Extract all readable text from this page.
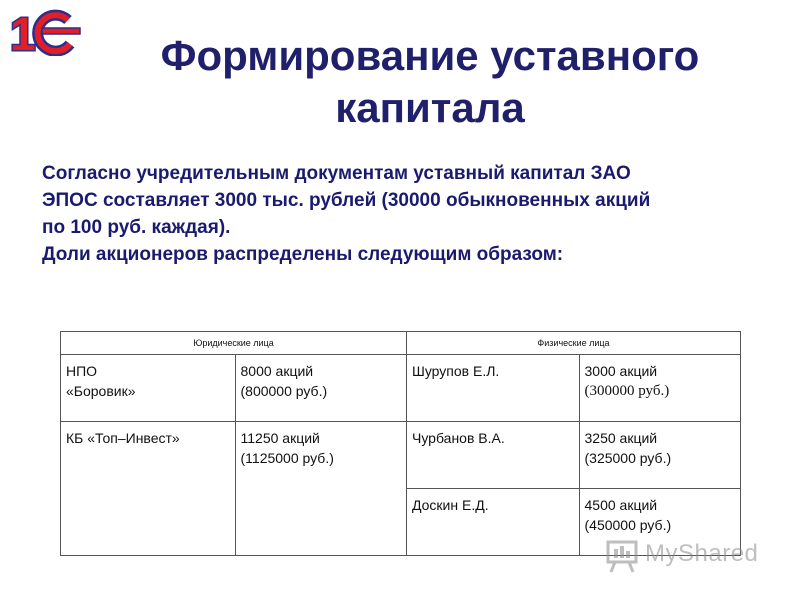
1	Формирование уставного
капитала
Согласно учредительным документам уставный капитал ЗАО
ЭПОС составляет 3000 тыс. рублей (30000 обыкновенных акций
по 100 руб. каждая).
Доли акционеров распределены следующим образом:
Юридические лица		Физические лица	

НПО
«Боровик»	8000 акций
(800000 руб.)	Шурупов Е.Л.	3000 акций
(300000 руб.)

КБ «Топ–Инвест»	11250 акций
(1125000 руб.)	Чурбанов В.А.	3250 акций
(325000 руб.)

		Доскин Е.Д.	4500 акций
(450000 руб.)
MyShared
